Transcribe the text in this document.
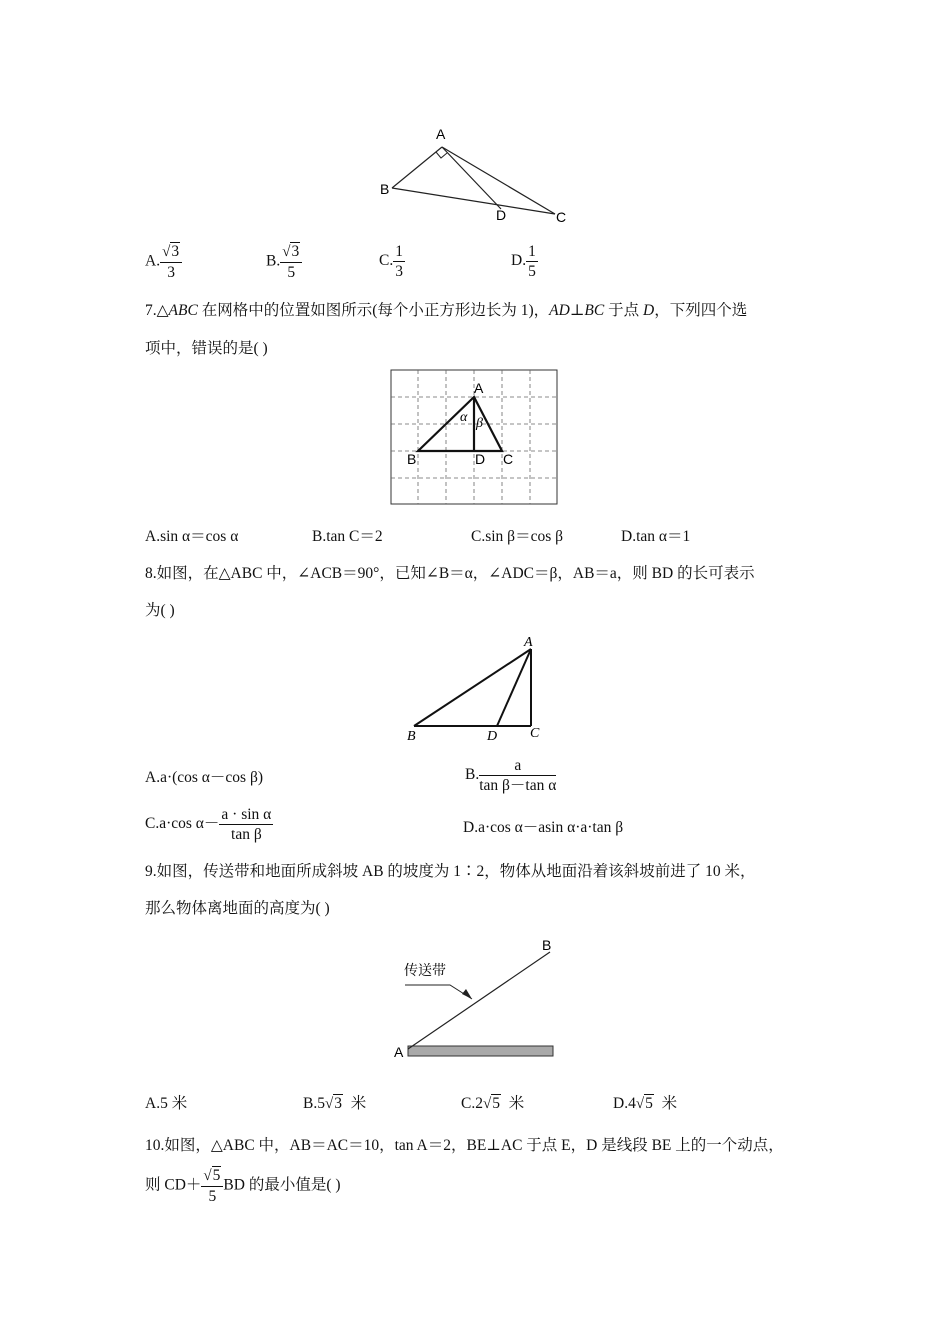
A
B
D	C
A. $\frac{√3}{3}$	B. $\frac{√3}{5}$	C. $\frac{1}{3}$	D. $\frac{1}{5}$
7.△ABC 在网格中的位置如图所示(每个小正方形边长为 1)，AD⊥BC 于点 D，下列四个选
项中，错误的是( )
A
B	D C
α β
A.sin α＝cos α	B.tan C＝2	C.sin β＝cos β	D.tan α＝1
8.如图，在△ABC 中，∠ACB＝90°，已知∠B＝α，∠ADC＝β，AB＝a，则 BD 的长可表示
为( )
A
B	D C
A.a·(cos α－cos β)	B. $\frac{a}{\text{tan β－tan α}}$
C.a·cos $\alpha- \frac{\text{a · sin α}}{\text{tan β}}$	D.a·cos α－asin α·a·tan β
9.如图，传送带和地面所成斜坡 AB 的坡度为 1∶2，物体从地面沿着该斜坡前进了 10 米，
那么物体离地面的高度为( )
传送带
B
A
A.5 米	B.5√3 米	C.2√5 米	D.4√5 米
10.如图，△ABC 中，AB＝AC＝10，tan A＝2，BE⊥AC 于点 E，D 是线段 BE 上的一个动点，
则 $CD+ \frac{√5}{5}$ BD 的最小值是( )
